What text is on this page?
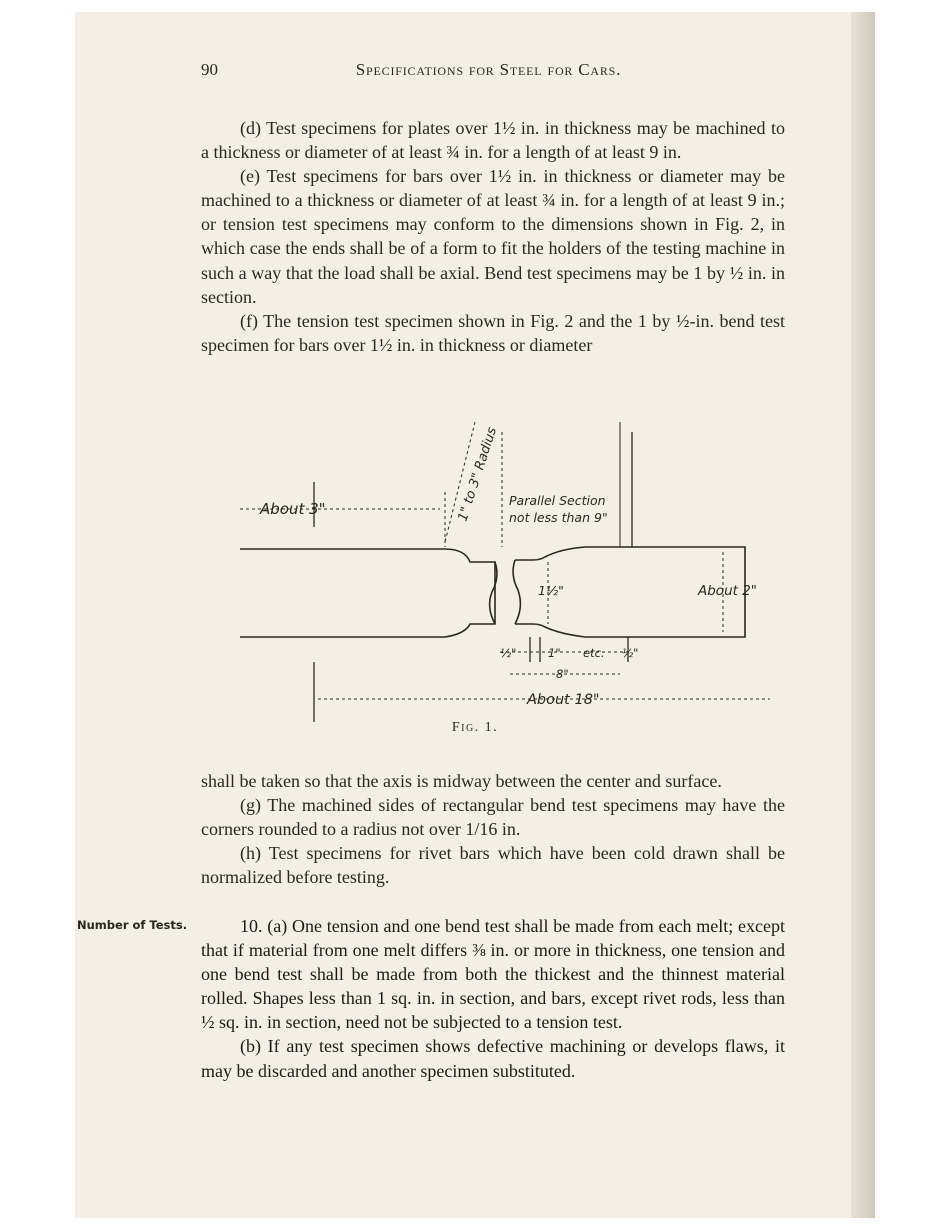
90	Specifications for Steel for Cars.

(d) Test specimens for plates over 1½ in. in thickness may be machined to a thickness or diameter of at least ¾ in. for a length of at least 9 in.

(e) Test specimens for bars over 1½ in. in thickness or diameter may be machined to a thickness or diameter of at least ¾ in. for a length of at least 9 in.; or tension test specimens may conform to the dimensions shown in Fig. 2, in which case the ends shall be of a form to fit the holders of the testing machine in such a way that the load shall be axial. Bend test specimens may be 1 by ½ in. in section.

(f) The tension test specimen shown in Fig. 2 and the 1 by ½-in. bend test specimen for bars over 1½ in. in thickness or diameter

About 3"	1" to 3" Radius Parallel Section
not less than 9"
1½"	About 2"
½"	1" etc. ½"
8"
About 18"
Fig. 1.

shall be taken so that the axis is midway between the center and surface.

(g) The machined sides of rectangular bend test specimens may have the corners rounded to a radius not over 1/16 in.

(h) Test specimens for rivet bars which have been cold drawn shall be normalized before testing.

Number of Tests.	10. (a) One tension and one bend test shall be made from each melt; except that if material from one melt differs ⅜ in. or more in thickness, one tension and one bend test shall be made from both the thickest and the thinnest material rolled. Shapes less than 1 sq. in. in section, and bars, except rivet rods, less than ½ sq. in. in section, need not be subjected to a tension test.

(b) If any test specimen shows defective machining or develops flaws, it may be discarded and another specimen substituted.
